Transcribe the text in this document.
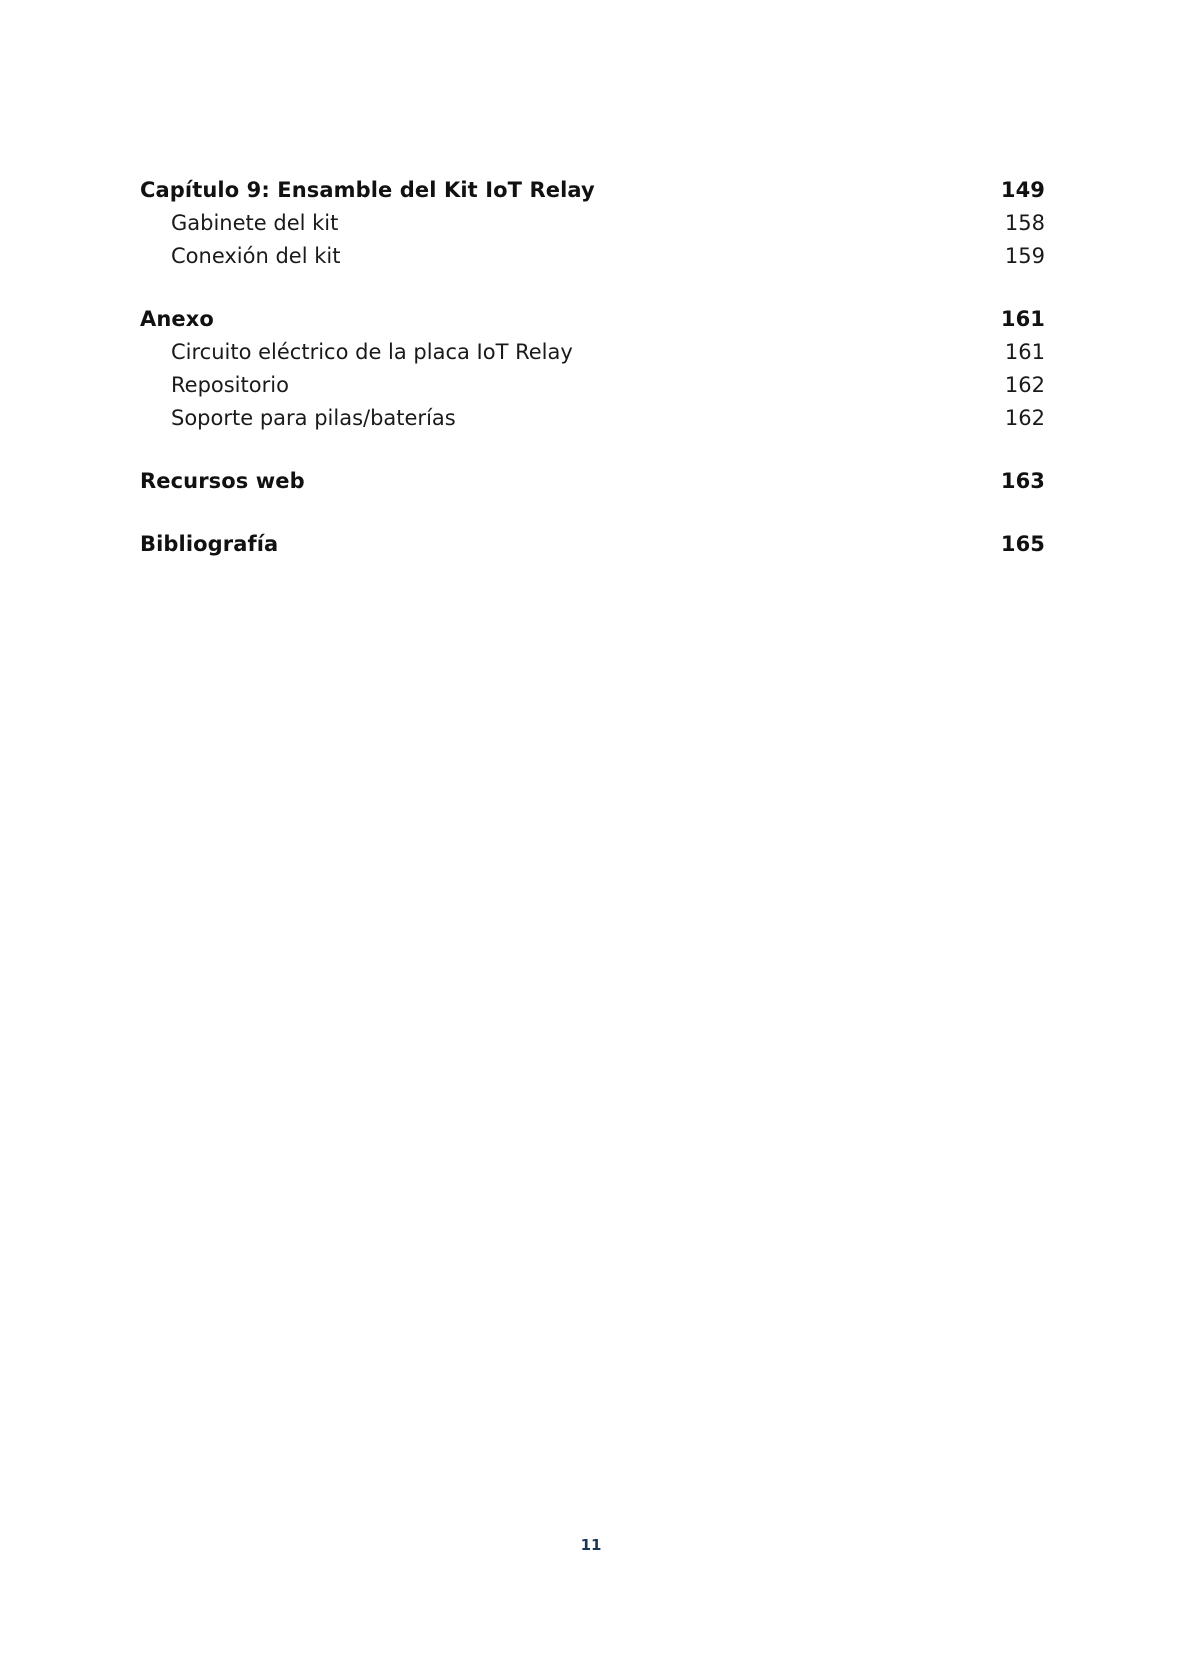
Capítulo 9: Ensamble del Kit IoT Relay	149
Gabinete del kit	158
Conexión del kit	159
Anexo	161
Circuito eléctrico de la placa IoT Relay	161
Repositorio	162
Soporte para pilas/baterías	162
Recursos web	163
Bibliografía	165
11
